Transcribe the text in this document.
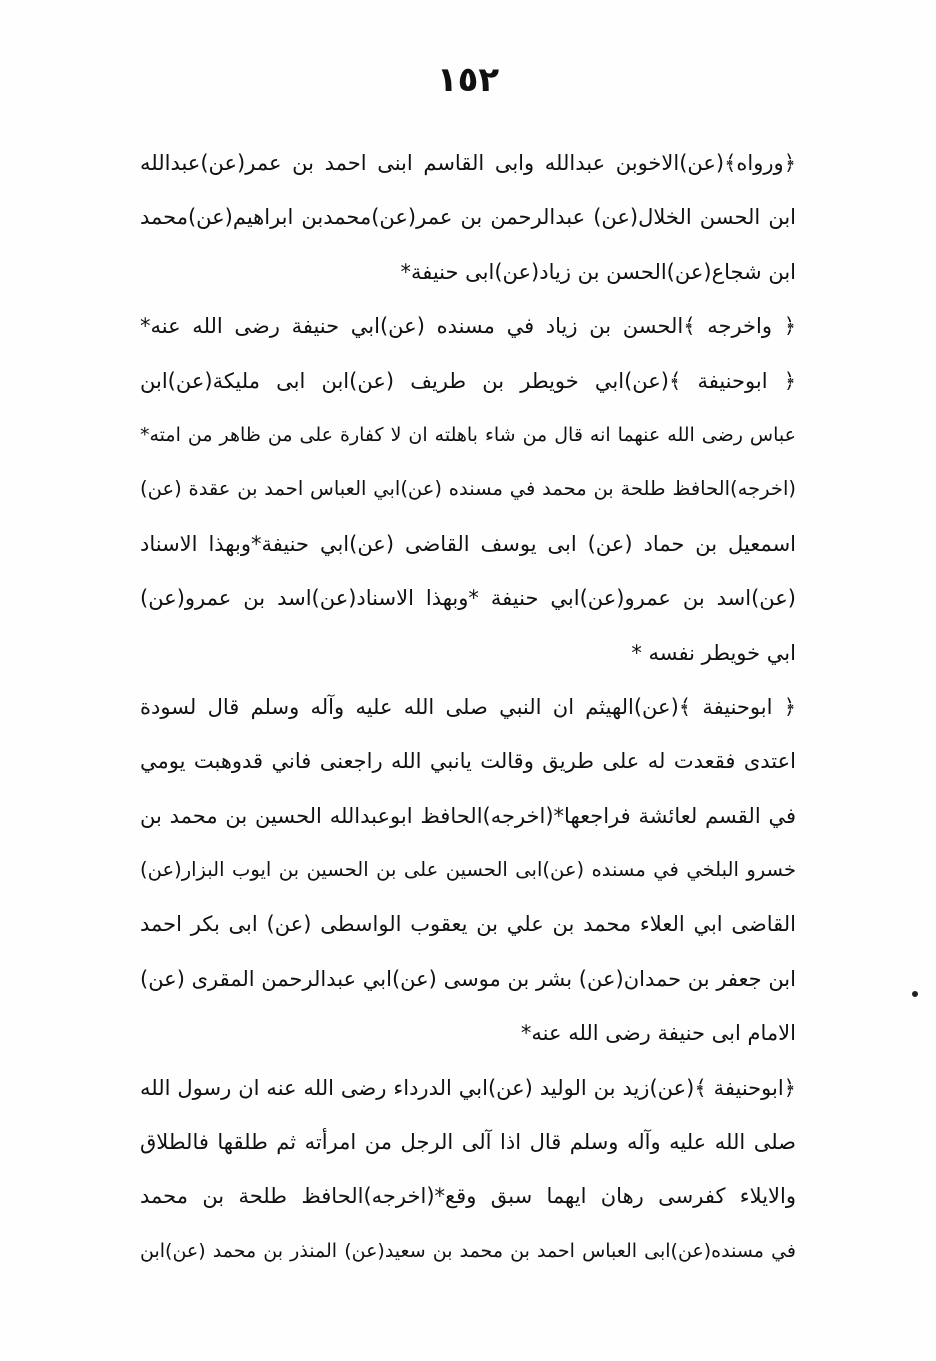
١٥٢
﴿ورواه﴾(عن)الاخوبن عبدالله وابى القاسم ابنى احمد بن عمر(عن)عبدالله
ابن الحسن الخلال(عن) عبدالرحمن بن عمر(عن)محمدبن ابراهيم(عن)محمد
ابن شجاع(عن)الحسن بن زياد(عن)ابى حنيفة*
﴿ واخرجه ﴾الحسن بن زياد في مسنده (عن)ابي حنيفة رضى الله عنه*
﴿ ابوحنيفة ﴾(عن)ابي خويطر بن طريف (عن)ابن ابى مليكة(عن)ابن
عباس رضى الله عنهما انه قال من شاء باهلته ان لا كفارة على من ظاهر من امته*
(اخرجه)الحافظ طلحة بن محمد في مسنده (عن)ابي العباس احمد بن عقدة (عن)
اسمعيل بن حماد (عن) ابى يوسف القاضى (عن)ابي حنيفة*وبهذا الاسناد
(عن)اسد بن عمرو(عن)ابي حنيفة *وبهذا الاسناد(عن)اسد بن عمرو(عن)
ابي خويطر نفسه *
﴿ ابوحنيفة ﴾(عن)الهيثم ان النبي صلى الله عليه وآله وسلم قال لسودة
اعتدى فقعدت له على طريق وقالت يانبي الله راجعنى فاني قدوهبت يومي
في القسم لعائشة فراجعها*(اخرجه)الحافظ ابوعبدالله الحسين بن محمد بن
خسرو البلخي في مسنده (عن)ابى الحسين على بن الحسين بن ايوب البزار(عن)
القاضى ابي العلاء محمد بن علي بن يعقوب الواسطى (عن) ابى بكر احمد
ابن جعفر بن حمدان(عن) بشر بن موسى (عن)ابي عبدالرحمن المقرى (عن)
الامام ابى حنيفة رضى الله عنه*
﴿ابوحنيفة ﴾(عن)زيد بن الوليد (عن)ابي الدرداء رضى الله عنه ان رسول الله
صلى الله عليه وآله وسلم قال اذا آلى الرجل من امرأته ثم طلقها فالطلاق
والايلاء كفرسى رهان ايهما سبق وقع*(اخرجه)الحافظ طلحة بن محمد
في مسنده(عن)ابى العباس احمد بن محمد بن سعيد(عن) المنذر بن محمد (عن)ابن
